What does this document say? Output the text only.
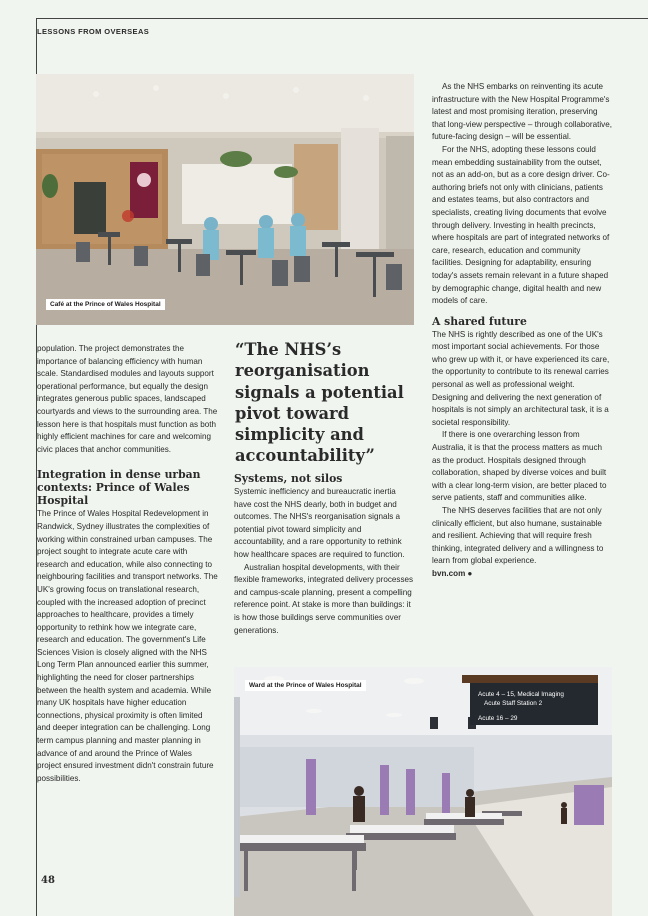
LESSONS FROM OVERSEAS
Café at the Prince of Wales Hospital

population. The project demonstrates the importance of balancing efficiency with human scale. Standardised modules and layouts support operational performance, but equally the design integrates generous public spaces, landscaped courtyards and views to the surrounding area. The lesson here is that hospitals must function as both highly efficient machines for care and welcoming civic places that anchor communities.

Integration in dense urban contexts: Prince of Wales Hospital

The Prince of Wales Hospital Redevelopment in Randwick, Sydney illustrates the complexities of working within constrained urban campuses. The project sought to integrate acute care with research and education, while also connecting to neighbouring facilities and transport networks. The UK's growing focus on translational research, coupled with the increased adoption of precinct approaches to healthcare, provides a timely opportunity to rethink how we integrate care, research and education. The government's Life Sciences Vision is closely aligned with the NHS Long Term Plan announced earlier this summer, highlighting the need for closer partnerships between the health system and academia. While many UK hospitals have higher education connections, physical proximity is often limited and deeper integration can be challenging. Long term campus planning and master planning in advance of and around the Prince of Wales project ensured investment didn't constrain future possibilities.

“The NHS’s reorganisation signals a potential pivot toward simplicity and accountability”
Systems, not silos

Systemic inefficiency and bureaucratic inertia have cost the NHS dearly, both in budget and outcomes. The NHS's reorganisation signals a potential pivot toward simplicity and accountability, and a rare opportunity to rethink how healthcare spaces are required to function.

Australian hospital developments, with their flexible frameworks, integrated delivery processes and campus-scale planning, present a compelling reference point. At stake is more than buildings: it is how those buildings serve communities over generations.

As the NHS embarks on reinventing its acute infrastructure with the New Hospital Programme's latest and most promising iteration, preserving that long-view perspective – through collaborative, future-facing design – will be essential.

For the NHS, adopting these lessons could mean embedding sustainability from the outset, not as an add-on, but as a core design driver. Co-authoring briefs not only with clinicians, patients and estates teams, but also contractors and specialists, creating living documents that evolve through delivery. Investing in health precincts, where hospitals are part of integrated networks of care, research, education and community facilities. Designing for adaptability, ensuring today's assets remain relevant in a future shaped by demographic change, digital health and new models of care.

A shared future

The NHS is rightly described as one of the UK's most important social achievements. For those who grew up with it, or have experienced its care, the opportunity to contribute to its renewal carries personal as well as professional weight. Designing and delivering the next generation of hospitals is not simply an architectural task, it is a societal responsibility.

If there is one overarching lesson from Australia, it is that the process matters as much as the product. Hospitals designed through collaboration, shaped by diverse voices and built with a clear long-term vision, are better placed to serve patients, staff and communities alike.

The NHS deserves facilities that are not only clinically efficient, but also humane, sustainable and resilient. Achieving that will require fresh thinking, integrated delivery and a willingness to learn from global experience.

bvn.com ●

Acute 4 – 15, Medical Imaging
Acute Staff Station 2
Acute 16 – 29
Ward at the Prince of Wales Hospital
48
